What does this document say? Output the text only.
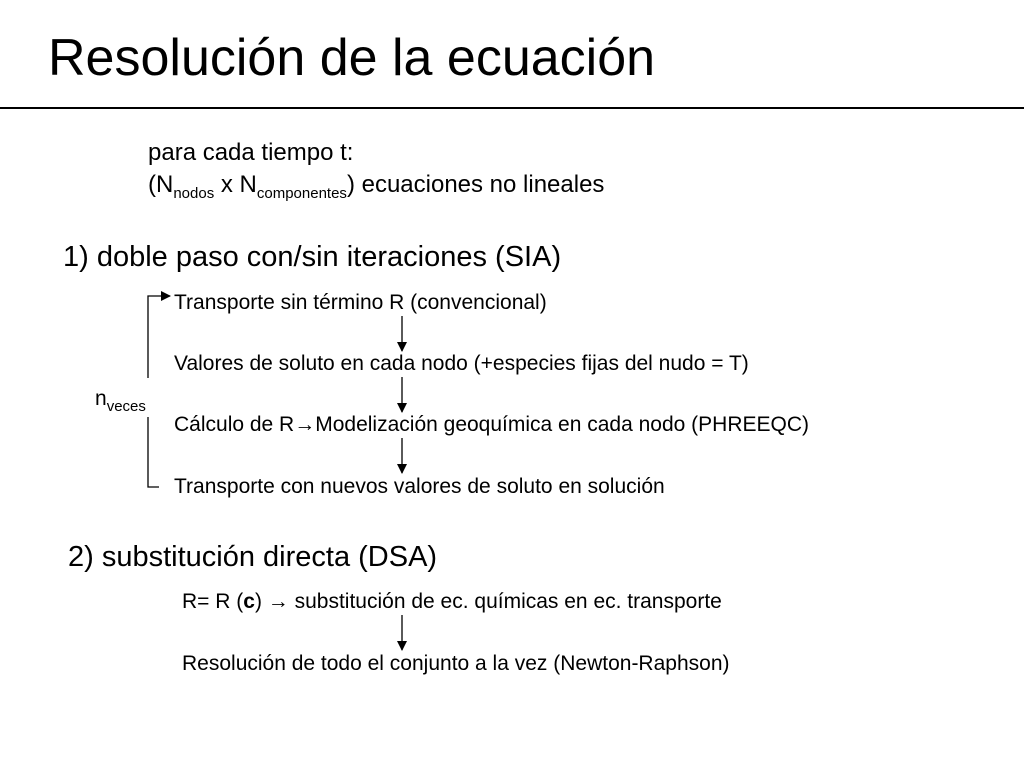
Resolución de la ecuación
para cada tiempo t:
($N_{nodos}$ x $N_{componentes}$) ecuaciones no lineales
1) doble paso con/sin iteraciones (SIA)
Transporte sin término R (convencional)
Valores de soluto en cada nodo (+especies fijas del nudo = T)
Cálculo de R→Modelización geoquímica en cada nodo (PHREEQC)
Transporte con nuevos valores de soluto en solución
$n_{veces}$
2) substitución directa (DSA)
R= R (c) → substitución de ec. químicas en ec. transporte
Resolución de todo el conjunto a la vez (Newton-Raphson)
